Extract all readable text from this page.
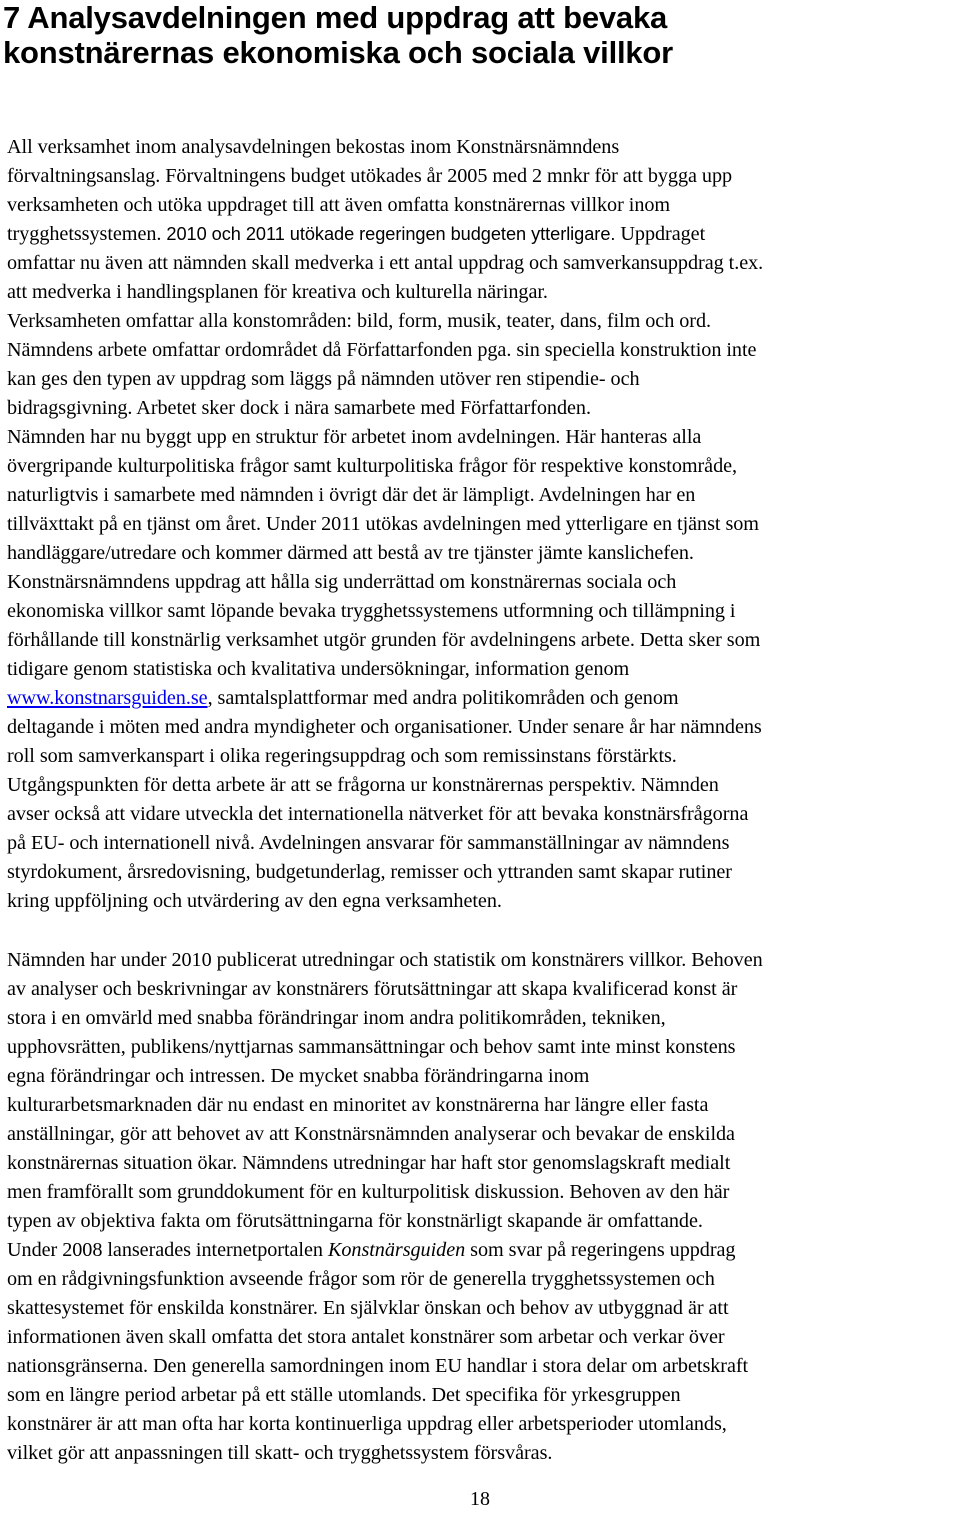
7 Analysavdelningen med uppdrag att bevaka
konstnärernas ekonomiska och sociala villkor

All verksamhet inom analysavdelningen bekostas inom Konstnärsnämndens
förvaltningsanslag. Förvaltningens budget utökades år 2005 med 2 mnkr för att bygga upp
verksamheten och utöka uppdraget till att även omfatta konstnärernas villkor inom
trygghetssystemen. 2010 och 2011 utökade regeringen budgeten ytterligare. Uppdraget
omfattar nu även att nämnden skall medverka i ett antal uppdrag och samverkansuppdrag t.ex.
att medverka i handlingsplanen för kreativa och kulturella näringar.
Verksamheten omfattar alla konstområden: bild, form, musik, teater, dans, film och ord.
Nämndens arbete omfattar ordområdet då Författarfonden pga. sin speciella konstruktion inte
kan ges den typen av uppdrag som läggs på nämnden utöver ren stipendie- och
bidragsgivning. Arbetet sker dock i nära samarbete med Författarfonden.
Nämnden har nu byggt upp en struktur för arbetet inom avdelningen. Här hanteras alla
övergripande kulturpolitiska frågor samt kulturpolitiska frågor för respektive konstområde,
naturligtvis i samarbete med nämnden i övrigt där det är lämpligt. Avdelningen har en
tillväxttakt på en tjänst om året. Under 2011 utökas avdelningen med ytterligare en tjänst som
handläggare/utredare och kommer därmed att bestå av tre tjänster jämte kanslichefen.
Konstnärsnämndens uppdrag att hålla sig underrättad om konstnärernas sociala och
ekonomiska villkor samt löpande bevaka trygghetssystemens utformning och tillämpning i
förhållande till konstnärlig verksamhet utgör grunden för avdelningens arbete. Detta sker som
tidigare genom statistiska och kvalitativa undersökningar, information genom
www.konstnarsguiden.se, samtalsplattformar med andra politikområden och genom
deltagande i möten med andra myndigheter och organisationer. Under senare år har nämndens
roll som samverkanspart i olika regeringsuppdrag och som remissinstans förstärkts.
Utgångspunkten för detta arbete är att se frågorna ur konstnärernas perspektiv. Nämnden
avser också att vidare utveckla det internationella nätverket för att bevaka konstnärsfrågorna
på EU- och internationell nivå. Avdelningen ansvarar för sammanställningar av nämndens
styrdokument, årsredovisning, budgetunderlag, remisser och yttranden samt skapar rutiner
kring uppföljning och utvärdering av den egna verksamheten.

Nämnden har under 2010 publicerat utredningar och statistik om konstnärers villkor. Behoven
av analyser och beskrivningar av konstnärers förutsättningar att skapa kvalificerad konst är
stora i en omvärld med snabba förändringar inom andra politikområden, tekniken,
upphovsrätten, publikens/nyttjarnas sammansättningar och behov samt inte minst konstens
egna förändringar och intressen. De mycket snabba förändringarna inom
kulturarbetsmarknaden där nu endast en minoritet av konstnärerna har längre eller fasta
anställningar, gör att behovet av att Konstnärsnämnden analyserar och bevakar de enskilda
konstnärernas situation ökar. Nämndens utredningar har haft stor genomslagskraft medialt
men framförallt som grunddokument för en kulturpolitisk diskussion. Behoven av den här
typen av objektiva fakta om förutsättningarna för konstnärligt skapande är omfattande.
Under 2008 lanserades internetportalen Konstnärsguiden som svar på regeringens uppdrag
om en rådgivningsfunktion avseende frågor som rör de generella trygghetssystemen och
skattesystemet för enskilda konstnärer. En självklar önskan och behov av utbyggnad är att
informationen även skall omfatta det stora antalet konstnärer som arbetar och verkar över
nationsgränserna. Den generella samordningen inom EU handlar i stora delar om arbetskraft
som en längre period arbetar på ett ställe utomlands. Det specifika för yrkesgruppen
konstnärer är att man ofta har korta kontinuerliga uppdrag eller arbetsperioder utomlands,
vilket gör att anpassningen till skatt- och trygghetssystem försvåras.

18
